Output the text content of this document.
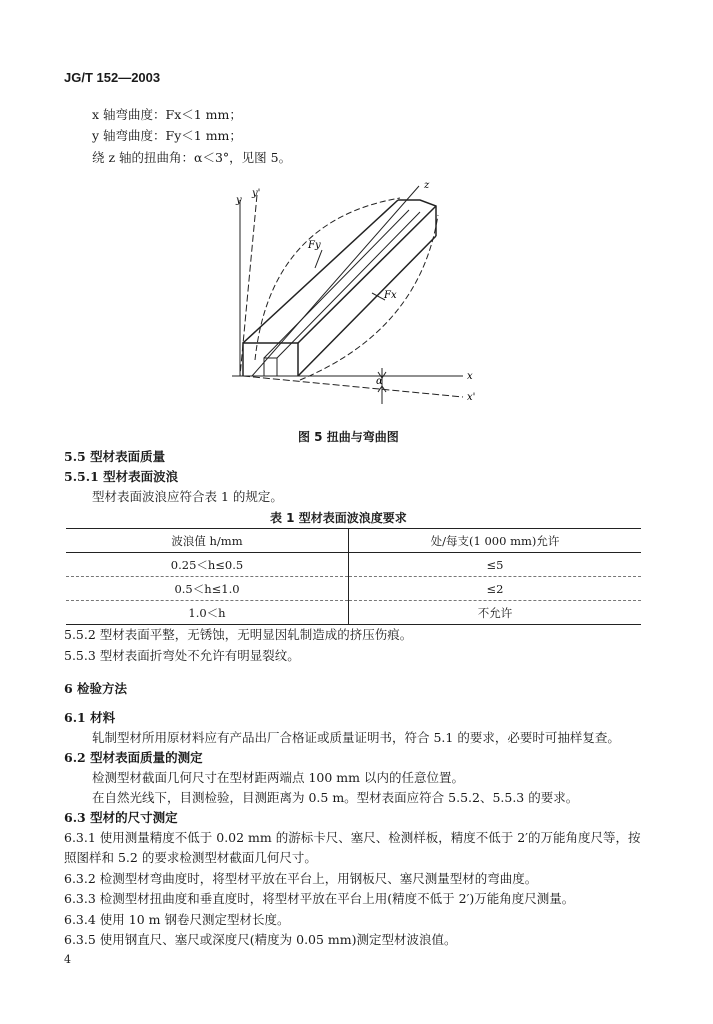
JG/T 152—2003
x 轴弯曲度：Fx＜1 mm；
y 轴弯曲度：Fy＜1 mm；
绕 z 轴的扭曲角：α＜3°，见图 5。
y
y'
z
Fy
Fx
x
x'
α
图 5 扭曲与弯曲图
5.5 型材表面质量
5.5.1 型材表面波浪
型材表面波浪应符合表 1 的规定。
表 1 型材表面波浪度要求
波浪值 h/mm	处/每支(1 000 mm)允许
0.25＜h≤0.5	≤5
0.5＜h≤1.0	≤2
1.0＜h	不允许
5.5.2 型材表面平整，无锈蚀，无明显因轧制造成的挤压伤痕。
5.5.3 型材表面折弯处不允许有明显裂纹。
6 检验方法
6.1 材料
轧制型材所用原材料应有产品出厂合格证或质量证明书，符合 5.1 的要求，必要时可抽样复查。
6.2 型材表面质量的测定
检测型材截面几何尺寸在型材距两端点 100 mm 以内的任意位置。
在自然光线下，目测检验，目测距离为 0.5 m。型材表面应符合 5.5.2、5.5.3 的要求。
6.3 型材的尺寸测定
6.3.1 使用测量精度不低于 0.02 mm 的游标卡尺、塞尺、检测样板，精度不低于 2′的万能角度尺等，按
照图样和 5.2 的要求检测型材截面几何尺寸。
6.3.2 检测型材弯曲度时，将型材平放在平台上，用钢板尺、塞尺测量型材的弯曲度。
6.3.3 检测型材扭曲度和垂直度时，将型材平放在平台上用(精度不低于 2′)万能角度尺测量。
6.3.4 使用 10 m 钢卷尺测定型材长度。
6.3.5 使用钢直尺、塞尺或深度尺(精度为 0.05 mm)测定型材波浪值。
4
